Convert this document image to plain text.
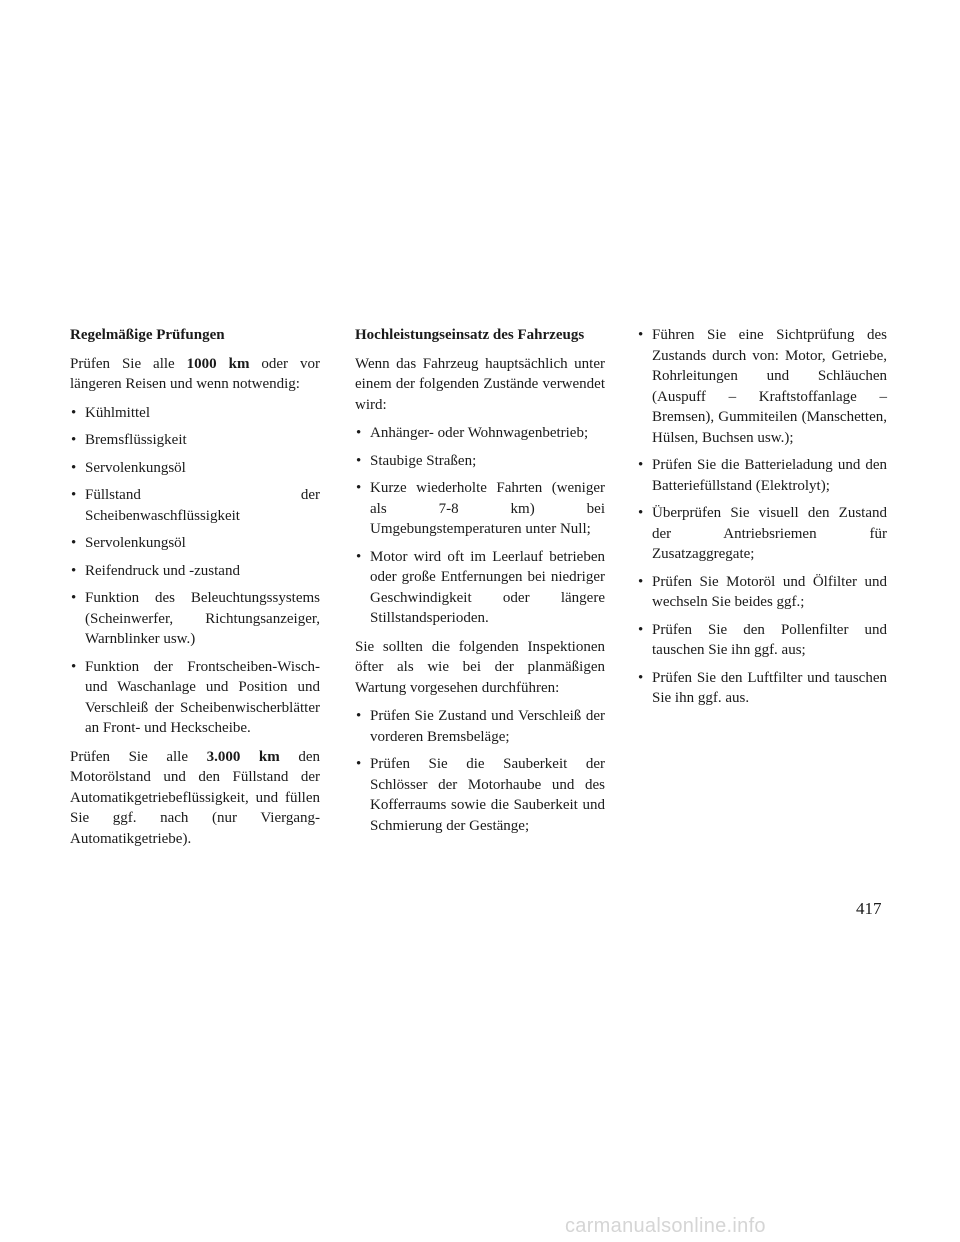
Regelmäßige Prüfungen

Prüfen Sie alle 1000 km oder vor längeren Reisen und wenn notwendig:

• Kühlmittel
• Bremsflüssigkeit
• Servolenkungsöl
• Füllstand der Scheibenwaschflüssigkeit
• Servolenkungsöl
• Reifendruck und -zustand
• Funktion des Beleuchtungssystems (Scheinwerfer, Richtungsanzeiger, Warnblinker usw.)
• Funktion der Frontscheiben-Wisch- und Waschanlage und Position und Verschleiß der Scheibenwischerblätter an Front- und Heckscheibe.

Prüfen Sie alle 3.000 km den Motorölstand und den Füllstand der Automatikgetriebeflüssigkeit, und füllen Sie ggf. nach (nur Viergang-Automatikgetriebe).

Hochleistungseinsatz des Fahrzeugs

Wenn das Fahrzeug hauptsächlich unter einem der folgenden Zustände verwendet wird:

• Anhänger- oder Wohnwagenbetrieb;
• Staubige Straßen;
• Kurze wiederholte Fahrten (weniger als 7-8 km) bei Umgebungstemperaturen unter Null;
• Motor wird oft im Leerlauf betrieben oder große Entfernungen bei niedriger Geschwindigkeit oder längere Stillstandsperioden.

Sie sollten die folgenden Inspektionen öfter als wie bei der planmäßigen Wartung vorgesehen durchführen:

• Prüfen Sie Zustand und Verschleiß der vorderen Bremsbeläge;
• Prüfen Sie die Sauberkeit der Schlösser der Motorhaube und des Kofferraums sowie die Sauberkeit und Schmierung der Gestänge;
• Führen Sie eine Sichtprüfung des Zustands durch von: Motor, Getriebe, Rohrleitungen und Schläuchen (Auspuff – Kraftstoffanlage – Bremsen), Gummiteilen (Manschetten, Hülsen, Buchsen usw.);
• Prüfen Sie die Batterieladung und den Batteriefüllstand (Elektrolyt);
• Überprüfen Sie visuell den Zustand der Antriebsriemen für Zusatzaggregate;
• Prüfen Sie Motoröl und Ölfilter und wechseln Sie beides ggf.;
• Prüfen Sie den Pollenfilter und tauschen Sie ihn ggf. aus;
• Prüfen Sie den Luftfilter und tauschen Sie ihn ggf. aus.
417
carmanualsonline.info
